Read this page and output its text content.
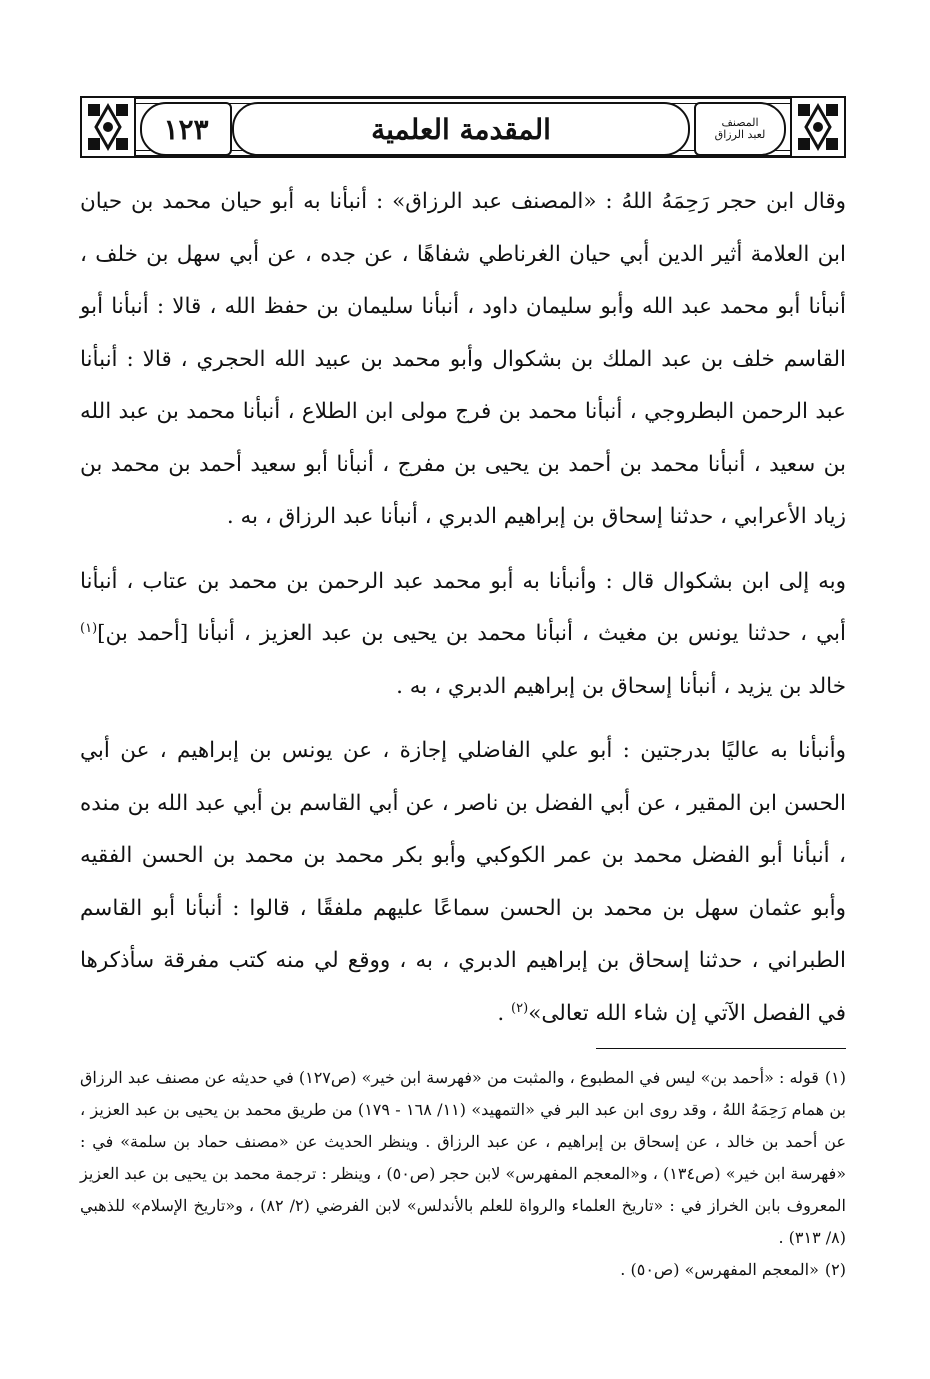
١٢٣	المقدمة العلمية	المصنف
لعبد الرزاق

وقال ابن حجر رَحِمَهُ اللهُ : «المصنف عبد الرزاق» : أنبأنا به أبو حيان محمد بن حيان ابن العلامة أثير الدين أبي حيان الغرناطي شفاهًا ، عن جده ، عن أبي سهل بن خلف ، أنبأنا أبو محمد عبد الله وأبو سليمان داود ، أنبأنا سليمان بن حفظ الله ، قالا : أنبأنا أبو القاسم خلف بن عبد الملك بن بشكوال وأبو محمد بن عبيد الله الحجري ، قالا : أنبأنا عبد الرحمن البطروجي ، أنبأنا محمد بن فرج مولى ابن الطلاع ، أنبأنا محمد بن عبد الله بن سعيد ، أنبأنا محمد بن أحمد بن يحيى بن مفرج ، أنبأنا أبو سعيد أحمد بن محمد بن زياد الأعرابي ، حدثنا إسحاق بن إبراهيم الدبري ، أنبأنا عبد الرزاق ، به .

وبه إلى ابن بشكوال قال : وأنبأنا به أبو محمد عبد الرحمن بن محمد بن عتاب ، أنبأنا أبي ، حدثنا يونس بن مغيث ، أنبأنا محمد بن يحيى بن عبد العزيز ، أنبأنا [أحمد بن]$^{(١)}$ خالد بن يزيد ، أنبأنا إسحاق بن إبراهيم الدبري ، به .

وأنبأنا به عاليًا بدرجتين : أبو علي الفاضلي إجازة ، عن يونس بن إبراهيم ، عن أبي الحسن ابن المقير ، عن أبي الفضل بن ناصر ، عن أبي القاسم بن أبي عبد الله بن منده ، أنبأنا أبو الفضل محمد بن عمر الكوكبي وأبو بكر محمد بن محمد بن الحسن الفقيه وأبو عثمان سهل بن محمد بن الحسن سماعًا عليهم ملفقًا ، قالوا : أنبأنا أبو القاسم الطبراني ، حدثنا إسحاق بن إبراهيم الدبري ، به ، ووقع لي منه كتب مفرقة سأذكرها في الفصل الآتي إن شاء الله تعالى»$^{(٢)}$ .

(١)قوله : «أحمد بن» ليس في المطبوع ، والمثبت من «فهرسة ابن خير» (ص١٢٧) في حديثه عن مصنف عبد الرزاق بن همام رَحِمَهُ اللهُ ، وقد روى ابن عبد البر في «التمهيد» (١١/ ١٦٨ - ١٧٩) من طريق محمد بن يحيى بن عبد العزيز ، عن أحمد بن خالد ، عن إسحاق بن إبراهيم ، عن عبد الرزاق . وينظر الحديث عن «مصنف حماد بن سلمة» في : «فهرسة ابن خير» (ص١٣٤) ، و«المعجم المفهرس» لابن حجر (ص٥٠) ، وينظر : ترجمة محمد بن يحيى بن عبد العزيز المعروف بابن الخراز في : «تاريخ العلماء والرواة للعلم بالأندلس» لابن الفرضي (٢/ ٨٢) ، و«تاريخ الإسلام» للذهبي (٨/ ٣١٣) .

(٢)«المعجم المفهرس» (ص٥٠) .
